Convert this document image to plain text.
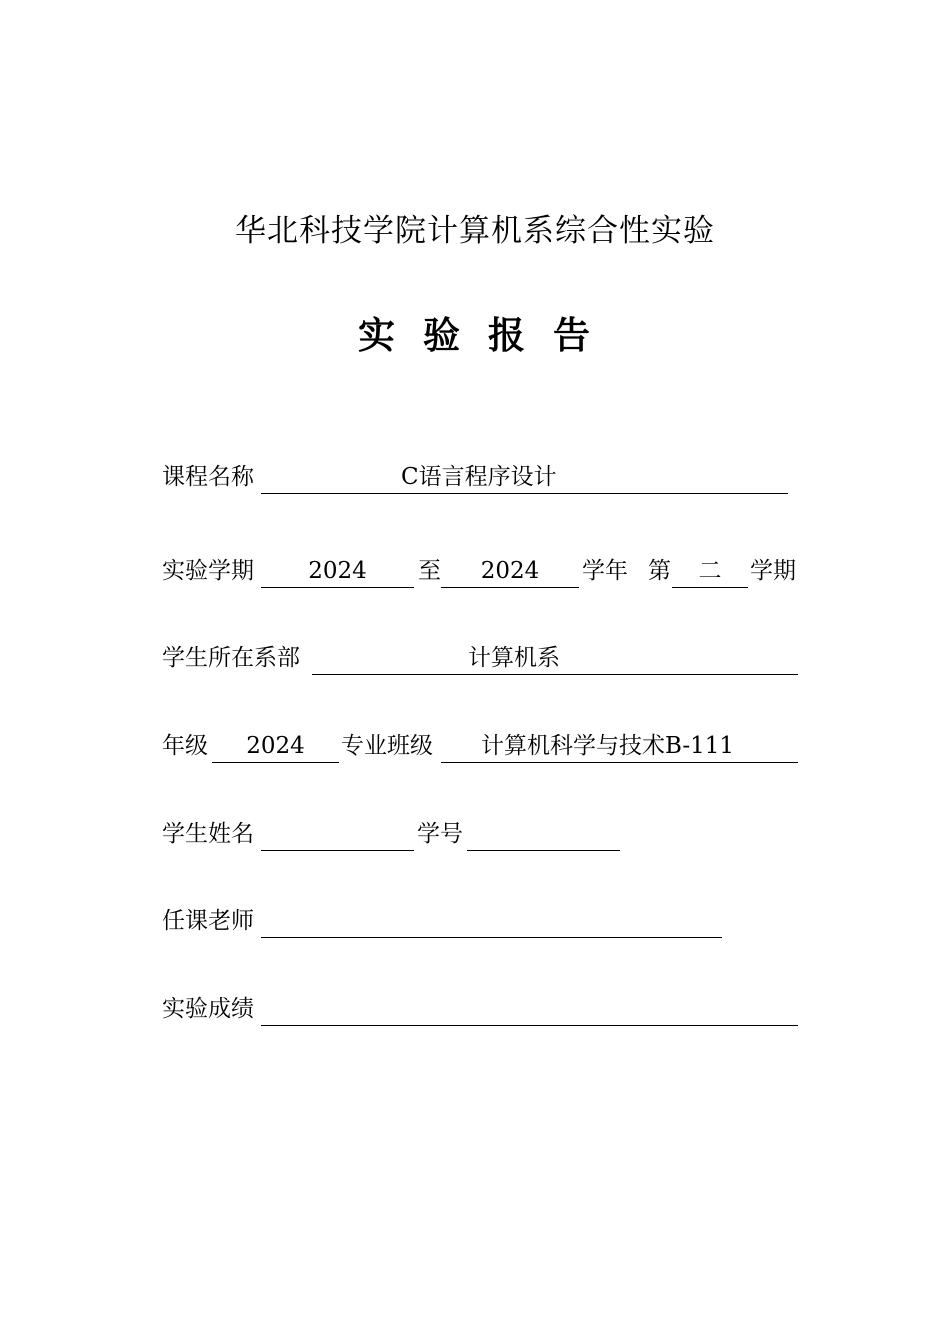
华北科技学院计算机系综合性实验
实 验 报 告
课程名称	C语言程序设计
实验学期	2024	至	2024	学年 第	二	学期
学生所在系部	计算机系
年级	2024	专业班级	计算机科学与技术B-111
学生姓名	学号
任课老师
实验成绩
